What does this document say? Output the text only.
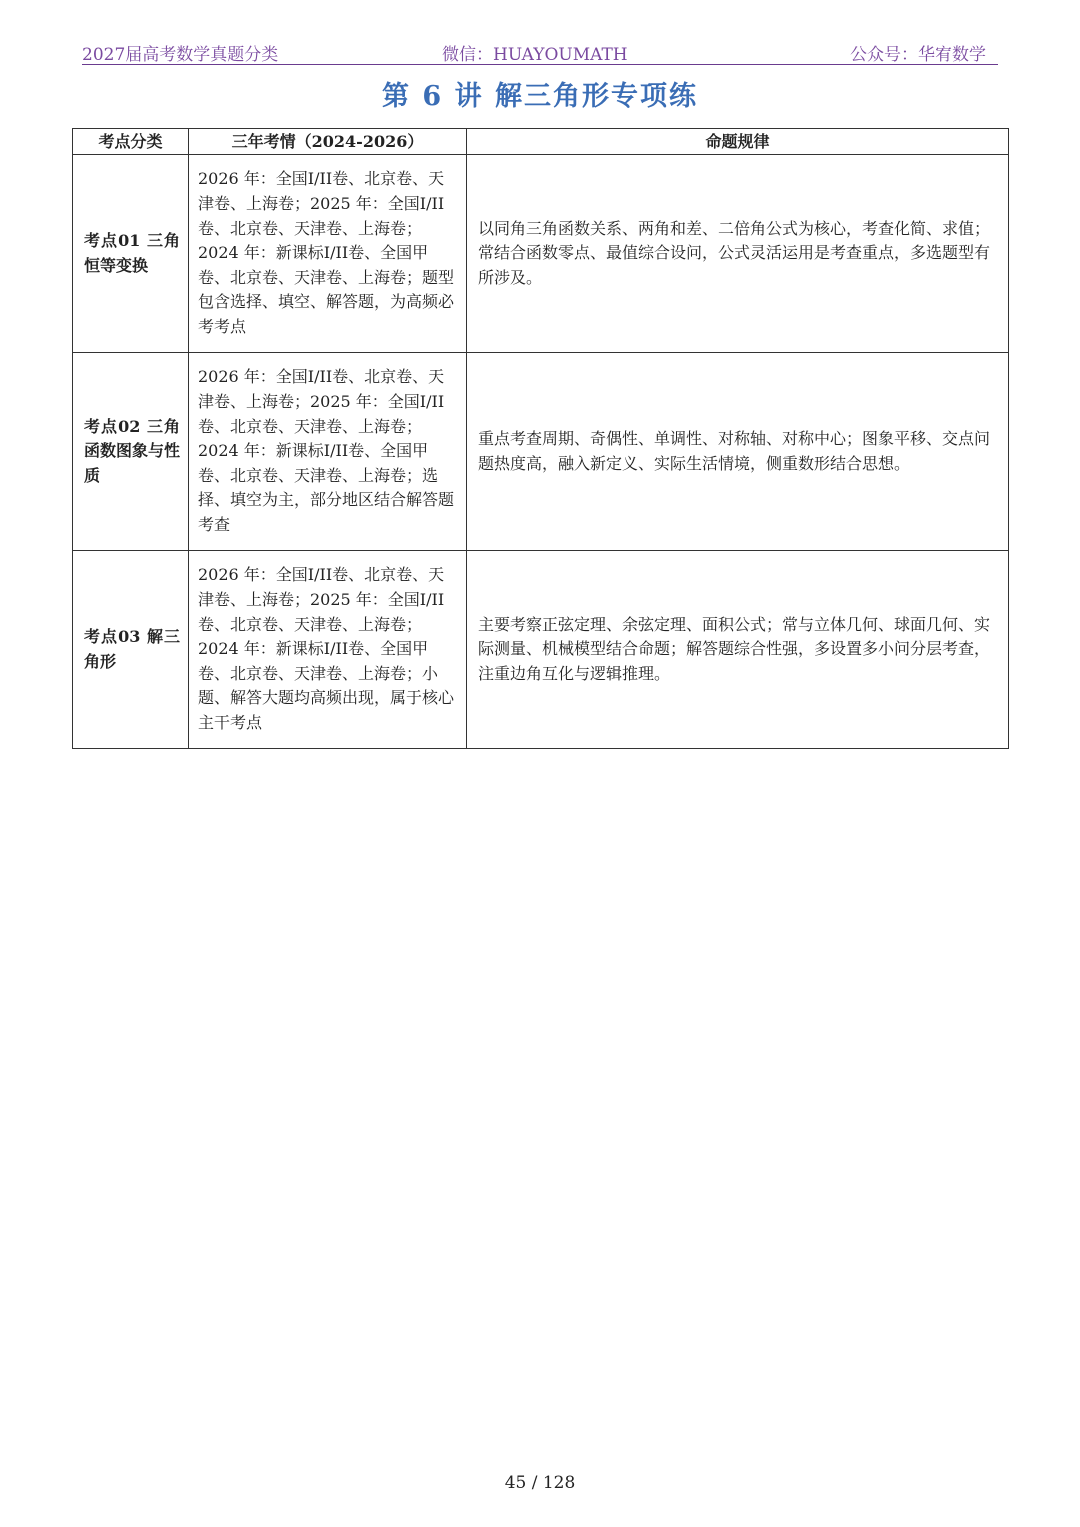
2027届高考数学真题分类	微信：HUAYOUMATH	公众号：华宥数学
第 6 讲 解三角形专项练
考点分类	三年考情（2024-2026）	命题规律
考点01 三角恒等变换	2026 年：全国I/II卷、北京卷、天津卷、上海卷；2025 年：全国I/II卷、北京卷、天津卷、上海卷；2024 年：新课标I/II卷、全国甲卷、北京卷、天津卷、上海卷；题型包含选择、填空、解答题，为高频必考考点	以同角三角函数关系、两角和差、二倍角公式为核心，考查化简、求值；常结合函数零点、最值综合设问，公式灵活运用是考查重点，多选题型有所涉及。
考点02 三角函数图象与性质	2026 年：全国I/II卷、北京卷、天津卷、上海卷；2025 年：全国I/II卷、北京卷、天津卷、上海卷；2024 年：新课标I/II卷、全国甲卷、北京卷、天津卷、上海卷；选择、填空为主，部分地区结合解答题考查	重点考查周期、奇偶性、单调性、对称轴、对称中心；图象平移、交点问题热度高，融入新定义、实际生活情境，侧重数形结合思想。
考点03 解三角形	2026 年：全国I/II卷、北京卷、天津卷、上海卷；2025 年：全国I/II卷、北京卷、天津卷、上海卷；2024 年：新课标I/II卷、全国甲卷、北京卷、天津卷、上海卷；小题、解答大题均高频出现，属于核心主干考点	主要考察正弦定理、余弦定理、面积公式；常与立体几何、球面几何、实际测量、机械模型结合命题；解答题综合性强，多设置多小问分层考查，注重边角互化与逻辑推理。
45 / 128
